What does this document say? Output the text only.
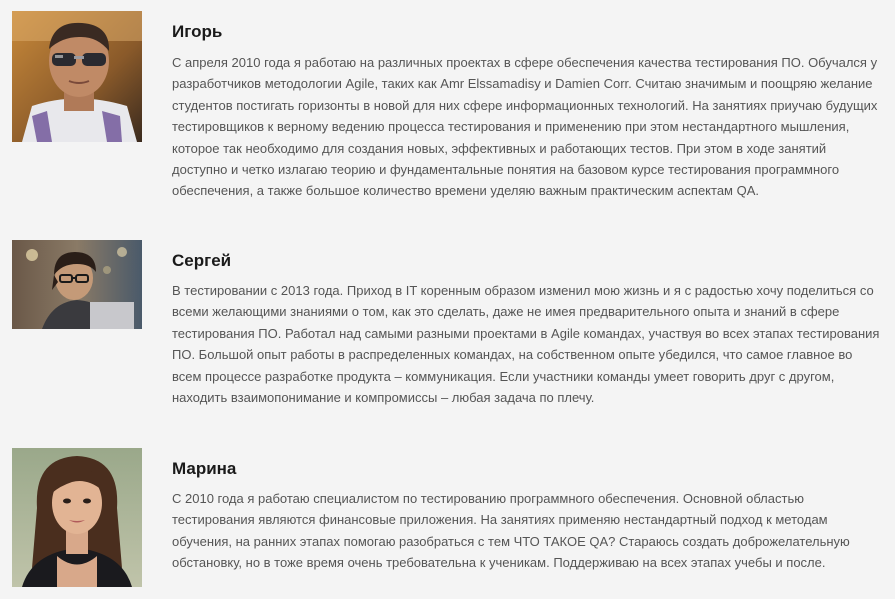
Игорь

С апреля 2010 года я работаю на различных проектах в сфере обеспечения качества тестирования ПО. Обучался у разработчиков методологии Agile, таких как Amr Elssamadisy и Damien Corr. Считаю значимым и поощряю желание студентов постигать горизонты в новой для них сфере информационных технологий. На занятиях приучаю будущих тестировщиков к верному ведению процесса тестирования и применению при этом нестандартного мышления, которое так необходимо для создания новых, эффективных и работающих тестов. При этом в ходе занятий доступно и четко излагаю теорию и фундаментальные понятия на базовом курсе тестирования программного обеспечения, а также большое количество времени уделяю важным практическим аспектам QA.

Сергей

В тестировании с 2013 года. Приход в IT коренным образом изменил мою жизнь и я с радостью хочу поделиться со всеми желающими знаниями о том, как это сделать, даже не имея предварительного опыта и знаний в сфере тестирования ПО. Работал над самыми разными проектами в Agile командах, участвуя во всех этапах тестирования ПО. Большой опыт работы в распределенных командах, на собственном опыте убедился, что самое главное во всем процессе разработке продукта – коммуникация. Если участники команды умеет говорить друг с другом, находить взаимопонимание и компромиссы – любая задача по плечу.

Марина

С 2010 года я работаю специалистом по тестированию программного обеспечения. Основной областью тестирования являются финансовые приложения. На занятиях применяю нестандартный подход к методам обучения, на ранних этапах помогаю разобраться с тем ЧТО ТАКОЕ QA? Стараюсь создать доброжелательную обстановку, но в тоже время очень требовательна к ученикам. Поддерживаю на всех этапах учебы и после.
